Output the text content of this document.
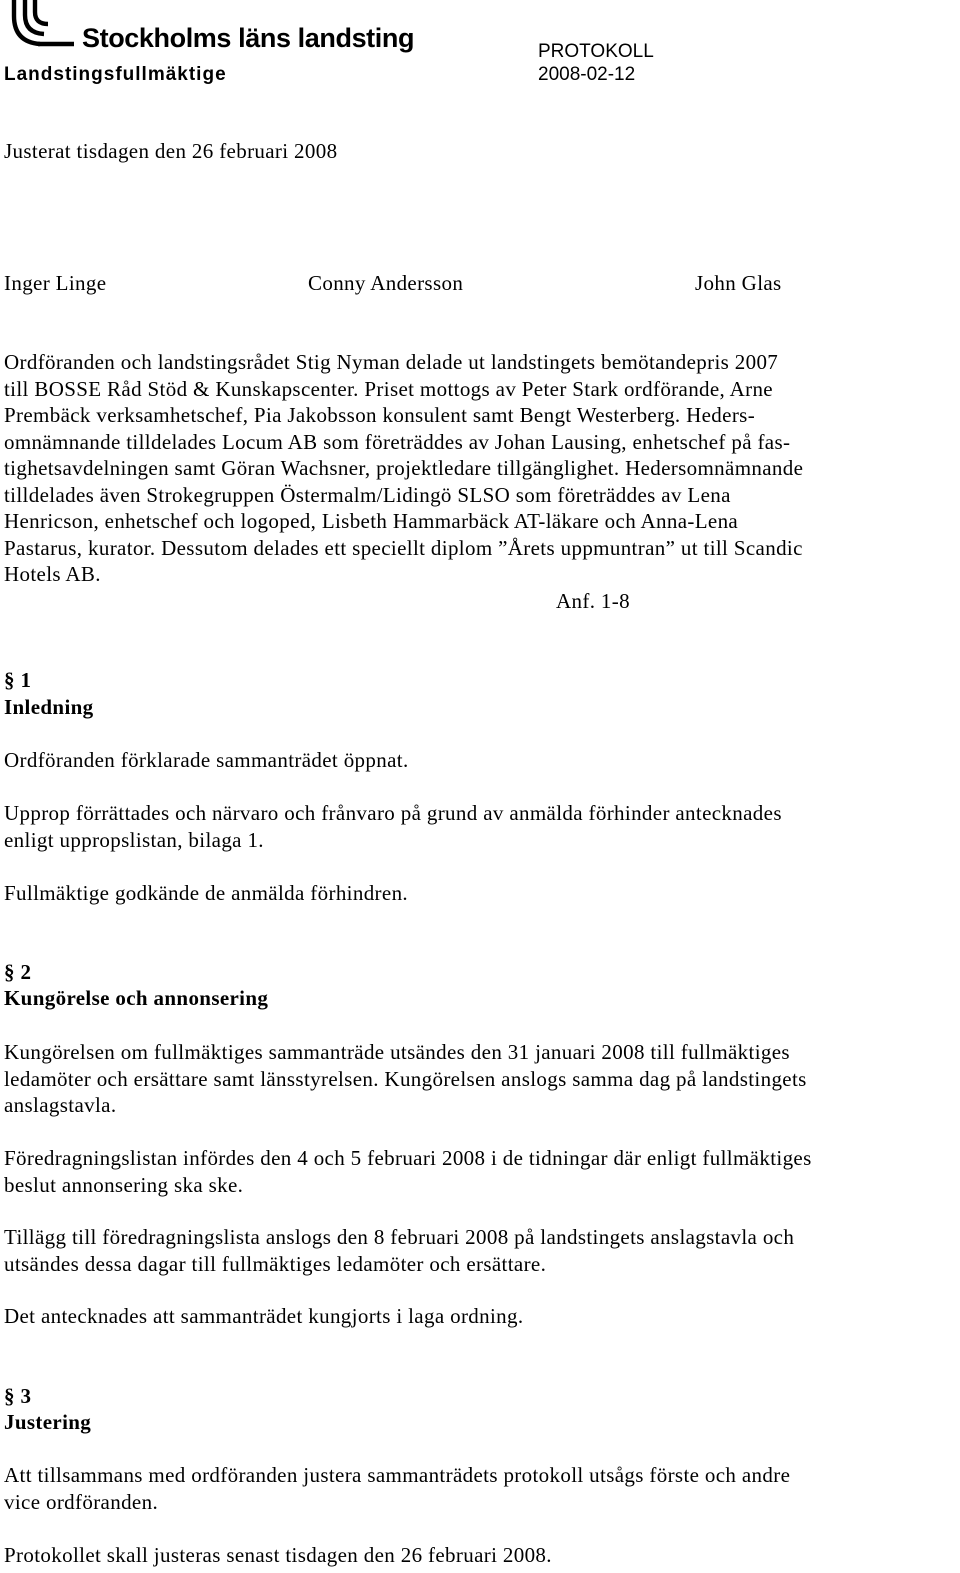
Stockholms läns landsting
Landstingsfullmäktige
PROTOKOLL
2008-02-12
Justerat tisdagen den 26 februari 2008
Inger Linge	Conny Andersson	John Glas
Ordföranden och landstingsrådet Stig Nyman delade ut landstingets bemötandepris 2007
till BOSSE Råd Stöd & Kunskapscenter. Priset mottogs av Peter Stark ordförande, Arne
Prembäck verksamhetschef, Pia Jakobsson konsulent samt Bengt Westerberg. Heders-
omnämnande tilldelades Locum AB som företräddes av Johan Lausing, enhetschef på fas-
tighetsavdelningen samt Göran Wachsner, projektledare tillgänglighet. Hedersomnämnande
tilldelades även Strokegruppen Östermalm/Lidingö SLSO som företräddes av Lena
Henricson, enhetschef och logoped, Lisbeth Hammarbäck AT-läkare och Anna-Lena
Pastarus, kurator. Dessutom delades ett speciellt diplom ”Årets uppmuntran” ut till Scandic
Hotels AB.
Anf. 1-8
§ 1
Inledning
Ordföranden förklarade sammanträdet öppnat.
Upprop förrättades och närvaro och frånvaro på grund av anmälda förhinder antecknades
enligt uppropslistan, bilaga 1.
Fullmäktige godkände de anmälda förhindren.
§ 2
Kungörelse och annonsering
Kungörelsen om fullmäktiges sammanträde utsändes den 31 januari 2008 till fullmäktiges
ledamöter och ersättare samt länsstyrelsen. Kungörelsen anslogs samma dag på landstingets
anslagstavla.
Föredragningslistan infördes den 4 och 5 februari 2008 i de tidningar där enligt fullmäktiges
beslut annonsering ska ske.
Tillägg till föredragningslista anslogs den 8 februari 2008 på landstingets anslagstavla och
utsändes dessa dagar till fullmäktiges ledamöter och ersättare.
Det antecknades att sammanträdet kungjorts i laga ordning.
§ 3
Justering
Att tillsammans med ordföranden justera sammanträdets protokoll utsågs förste och andre
vice ordföranden.
Protokollet skall justeras senast tisdagen den 26 februari 2008.
